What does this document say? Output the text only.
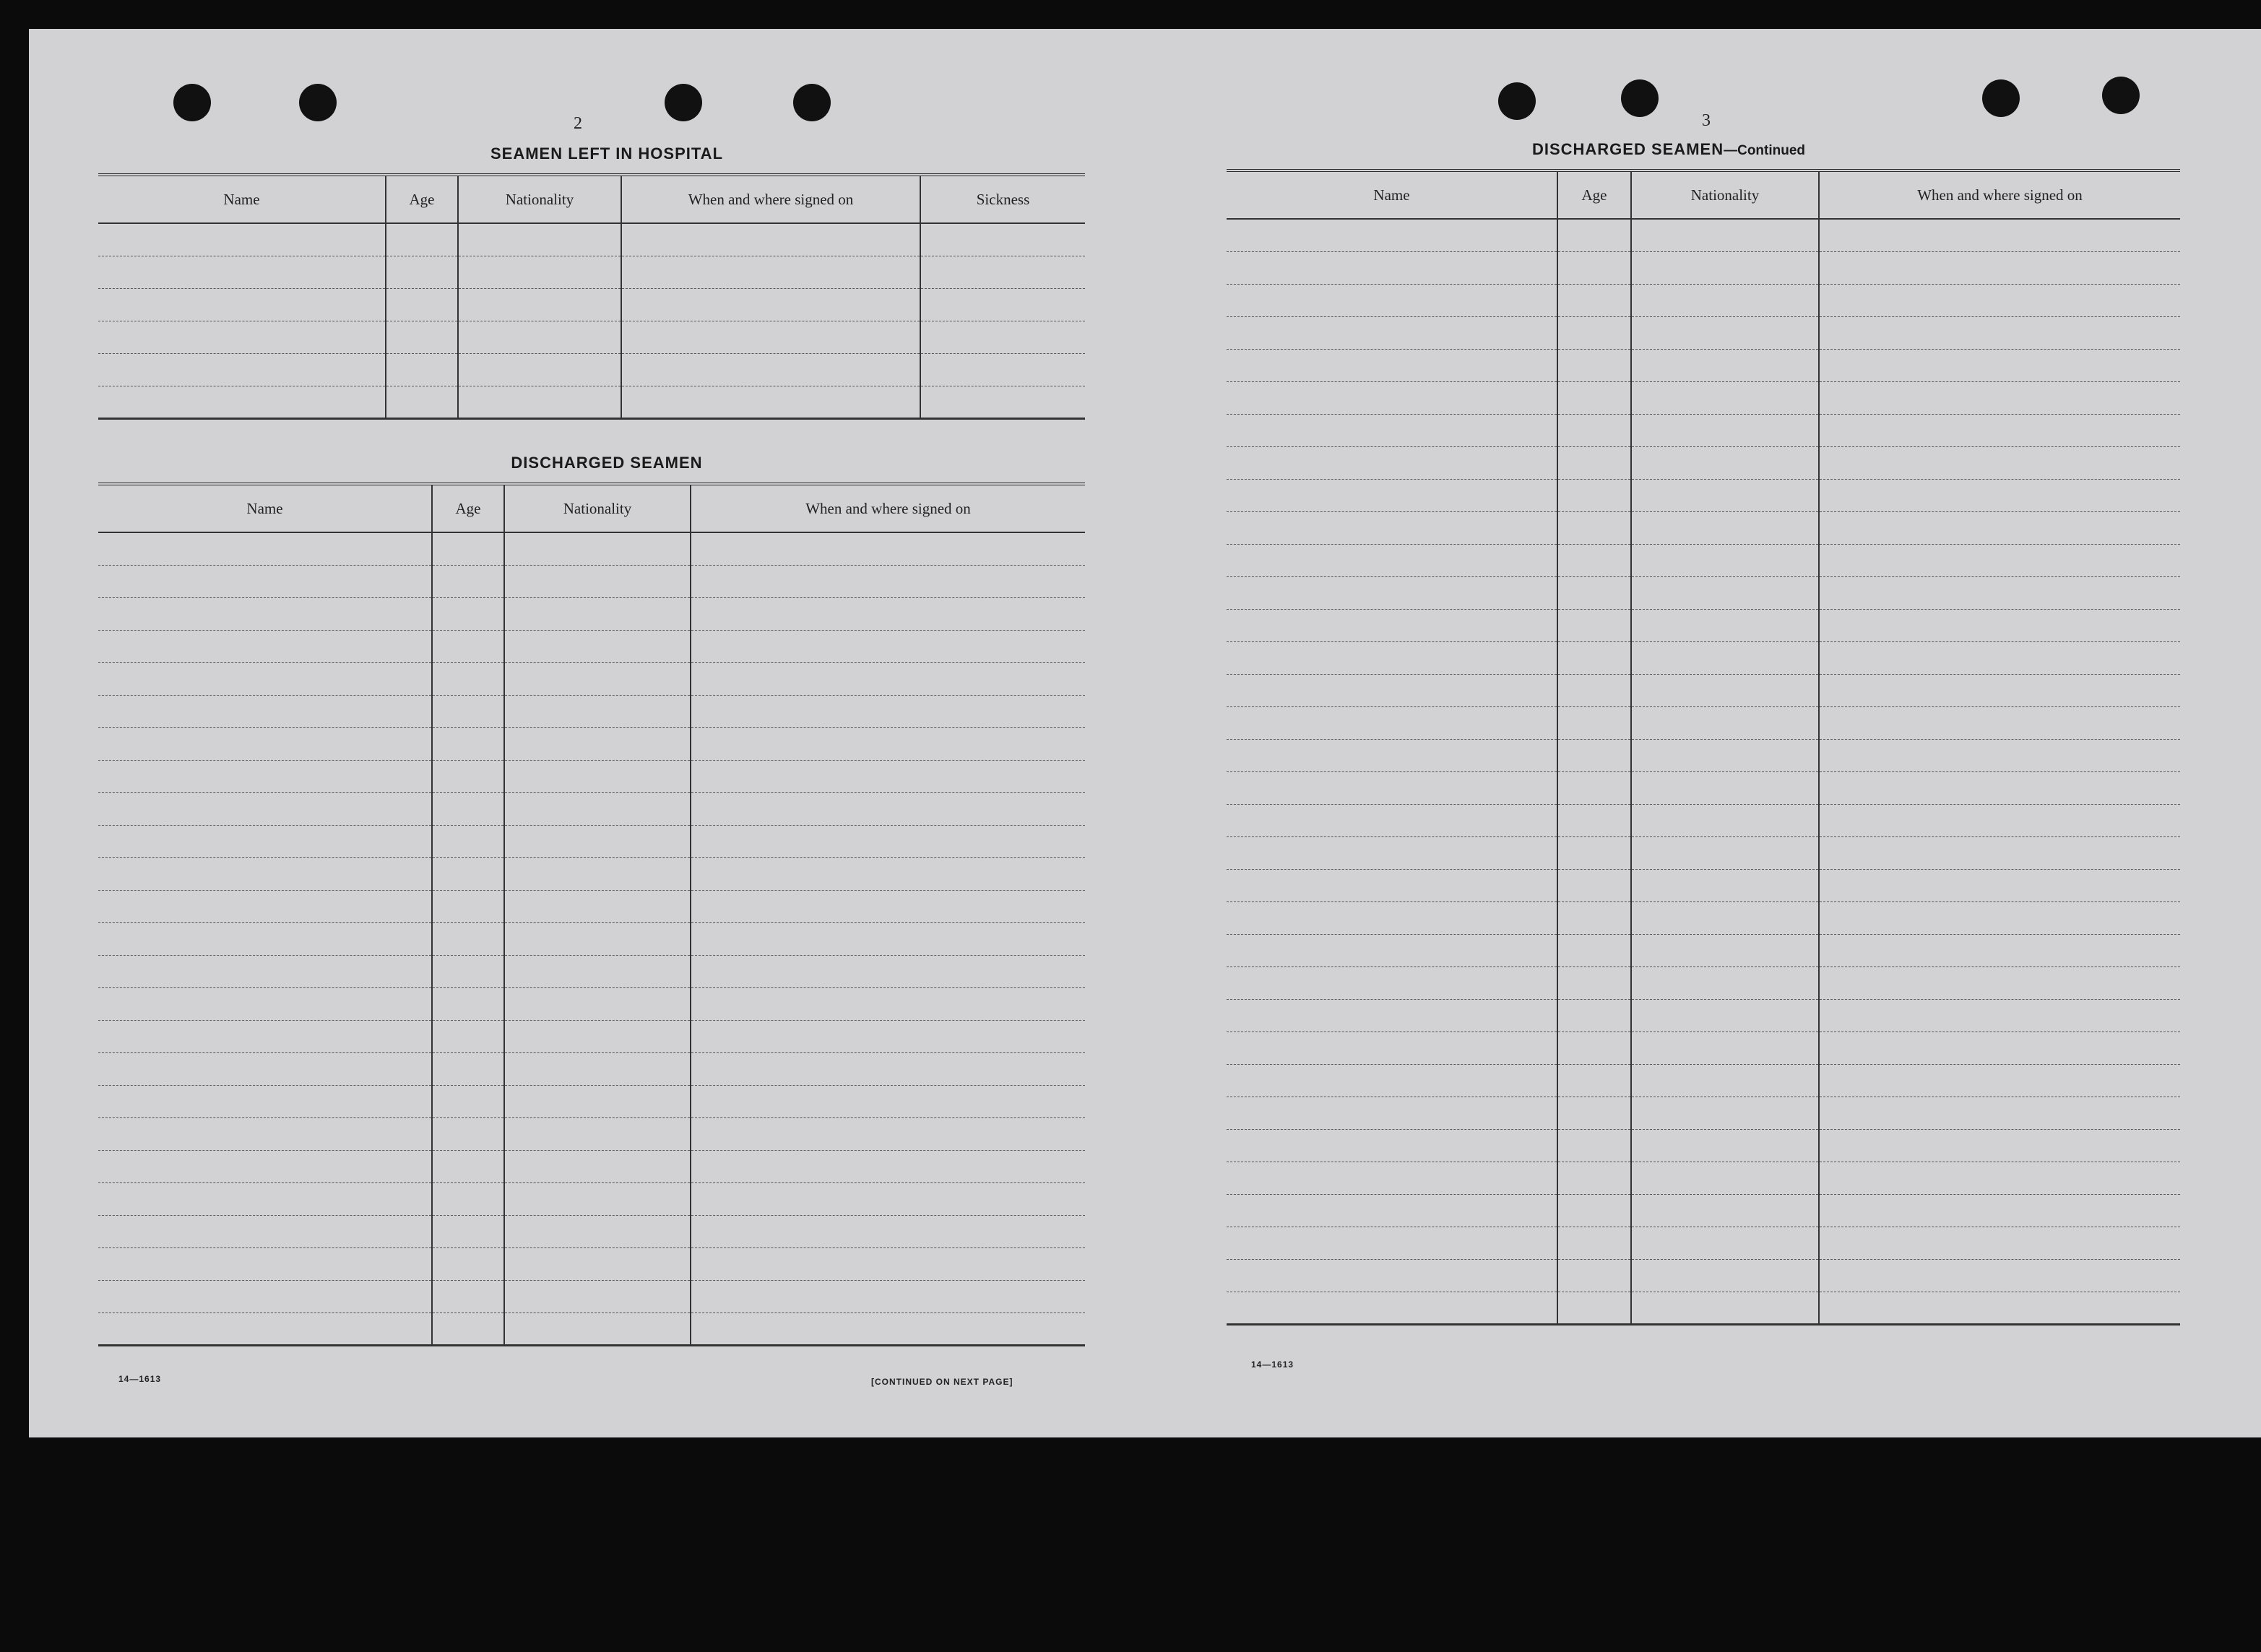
2
SEAMEN LEFT IN HOSPITAL
Name	Age	Nationality	When and where signed on	Sickness

DISCHARGED SEAMEN
Name	Age	Nationality	When and where signed on

14—1613	[CONTINUED ON NEXT PAGE]
3
DISCHARGED SEAMEN—Continued
Name	Age	Nationality	When and where signed on

14—1613
